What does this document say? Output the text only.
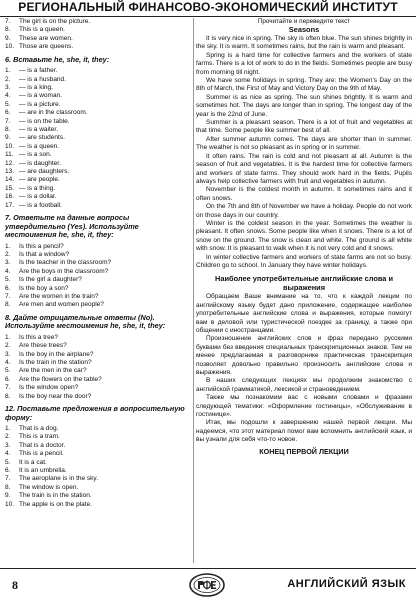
РЕГИОНАЛЬНЫЙ ФИНАНСОВО-ЭКОНОМИЧЕСКИЙ ИНСТИТУТ
7. The girl is on the picture.
8. This is a queen.
9. These are women.
10. Those are queens.
6. Вставьте he, she, it, they:
1. — is a father.
2. — is a husband.
3. — is a king.
4. — is a woman.
5. — is a picture.
6. — are in the classroom.
7. — is on the table.
8. — is a waiter.
9. — are students.
10. — is a queen.
11. — is a son.
12. — is daughter.
13. — are daughters.
14. — are people.
15. — is a thing.
16. — is a dollar.
17. — is a football.
7. Ответьте на данные вопросы утвердительно (Yes). Используйте местоимения he, she, it, they:
1. Is this a pencil?
2. Is that a window?
3. Is the teacher in the classroom?
4. Are the boys in the classroom?
5. Is the girl a daughter?
6. Is the boy a son?
7. Are the women in the train?
8. Are men and women people?
8. Дайте отрицательные ответы (No). Используйте местоимения he, she, it, they:
1. Is this a tree?
2. Are these trees?
3. Is the boy in the airplane?
4. Is the train in the station?
5. Are the men in the car?
6. Are the flowers on the table?
7. Is the window open?
8. Is the boy near the door?
12. Поставьте предложения в вопросительную форму:
1. That is a dog.
2. This is a tram.
3. That is a doctor.
4. This is a pencil.
5. It is a cat.
6. It is an umbrella.
7. The aeroplane is in the sky.
8. The window is open.
9. The train is in the station.
10. The apple is on the plate.
Прочитайте и переведите текст
Seasons

It is very nice in spring. The sky is often blue. The sun shines brightly in the sky. It is warm. It sometimes rains, but the rain is warm and pleasant.

Spring is a hard time for collective farmers and the workers of state farms. There is a lot of work to do in the fields. Sometimes people are busy from morning till night.

We have some holidays in spring. They are: the Women's Day on the 8th of March, the First of May and Victory Day on the 9th of May.

Summer is as nice as spring. The sun shines brightly. It is warm and sometimes hot. The days are longer than in spring. The longest day of the year is the 22nd of June.

Summer is a pleasant season. There is a lot of fruit and vegetables at that time. Some people like summer best of all.

After summer autumn comes. The days are shorter than in summer. The weather is not so pleasant as in spring or in summer.

It often rains. The rain is cold and not pleasant at all. Autumn is the season of fruit and vegetables. It is the hardest time for collective farmers and workers of state farms. They should work hard in the fields. Pupils always help collective farmers with fruit and vegetables in autumn.

November is the coldest month in autumn. It sometimes rains and it often snows.

On the 7th and 8th of November we have a holiday. People do not work on those days in our country.

Winter is the coldest season in the year. Sometimes the weather is pleasant. It often snows. Some people like when it snows. There is a lot of snow on the ground. The snow is clean and white. The ground is all white with snow. It is pleasant to walk when it is not very cold and it snows.

In winter collective farmers and workers of state farms are not so busy. Children go to school. In January they have winter holidays.

Наиболее употребительные английские слова и выражения

Обращаем Ваше внимание на то, что к каждой лекции по английскому языку будет дано приложение, содержащее наиболее употребительные английские слова и выражения, которые помогут вам в деловой или туристической поездке за границу, а также при общении с иностранцами.

Произношение английских слов и фраз передано русскими буквами без введения специальных транскрипционных знаков. Тем не менее предлагаемая в разговорнике практическая транскрипция позволяет довольно правильно произносить английские слова и выражения.

В наших следующих лекциях мы продолжим знакомство с английской грамматикой, лексикой и страноведением.

Также мы познакомим вас с новыми словами и фразами следующей тематики: «Оформление гостиницы», «Обслуживание в гостинице».

Итак, мы подошли к завершению нашей первой лекции. Мы надеемся, что этот материал помог вам вспомнить английский язык, и вы узнали для себя что-то новое.

КОНЕЦ ПЕРВОЙ ЛЕКЦИИ
8	АНГЛИЙСКИЙ ЯЗЫК
